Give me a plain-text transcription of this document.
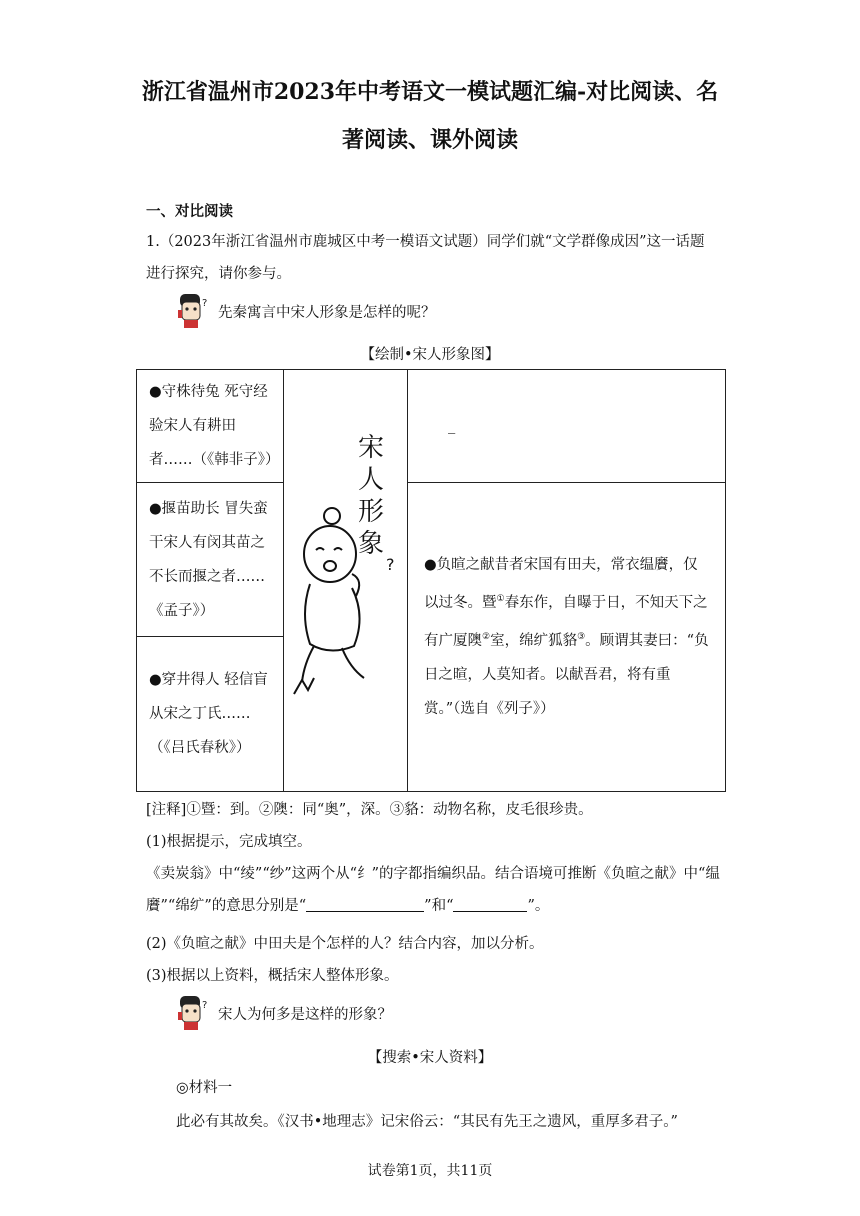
浙江省温州市2023年中考语文一模试题汇编-对比阅读、名
著阅读、课外阅读
一、对比阅读
1.（2023年浙江省温州市鹿城区中考一模语文试题）同学们就“文学群像成因”这一话题
进行探究，请你参与。
?
先秦寓言中宋人形象是怎样的呢？
【绘制•宋人形象图】
●守株待兔 死守经验宋人有耕田者……（《韩非子》）	宋
人
形
象
?	_

●揠苗助长 冒失蛮干宋人有闵其苗之不长而揠之者……《孟子》）		●负暄之献昔者宋国有田夫，常衣缊黂，仅以过冬。暨①春东作，自曝于日，不知天下之有广厦隩②室，绵纩狐貉③。顾谓其妻曰：“负日之暄，人莫知者。以献吾君，将有重赏。”（选自《列子》）

●穿井得人 轻信盲从宋之丁氏……（《吕氏春秋》）		
[注释]①暨：到。②隩：同“奥”，深。③貉：动物名称，皮毛很珍贵。
(1)根据提示，完成填空。
《卖炭翁》中“绫”“纱”这两个从“纟”的字都指编织品。结合语境可推断《负暄之献》中“缊
黂”“绵纩”的意思分别是“	”和“	”。
(2)《负暄之献》中田夫是个怎样的人？结合内容，加以分析。
(3)根据以上资料，概括宋人整体形象。
?
宋人为何多是这样的形象？
【搜索•宋人资料】
◎材料一
此必有其故矣。《汉书•地理志》记宋俗云：“其民有先王之遗风，重厚多君子。”
试卷第1页，共11页
